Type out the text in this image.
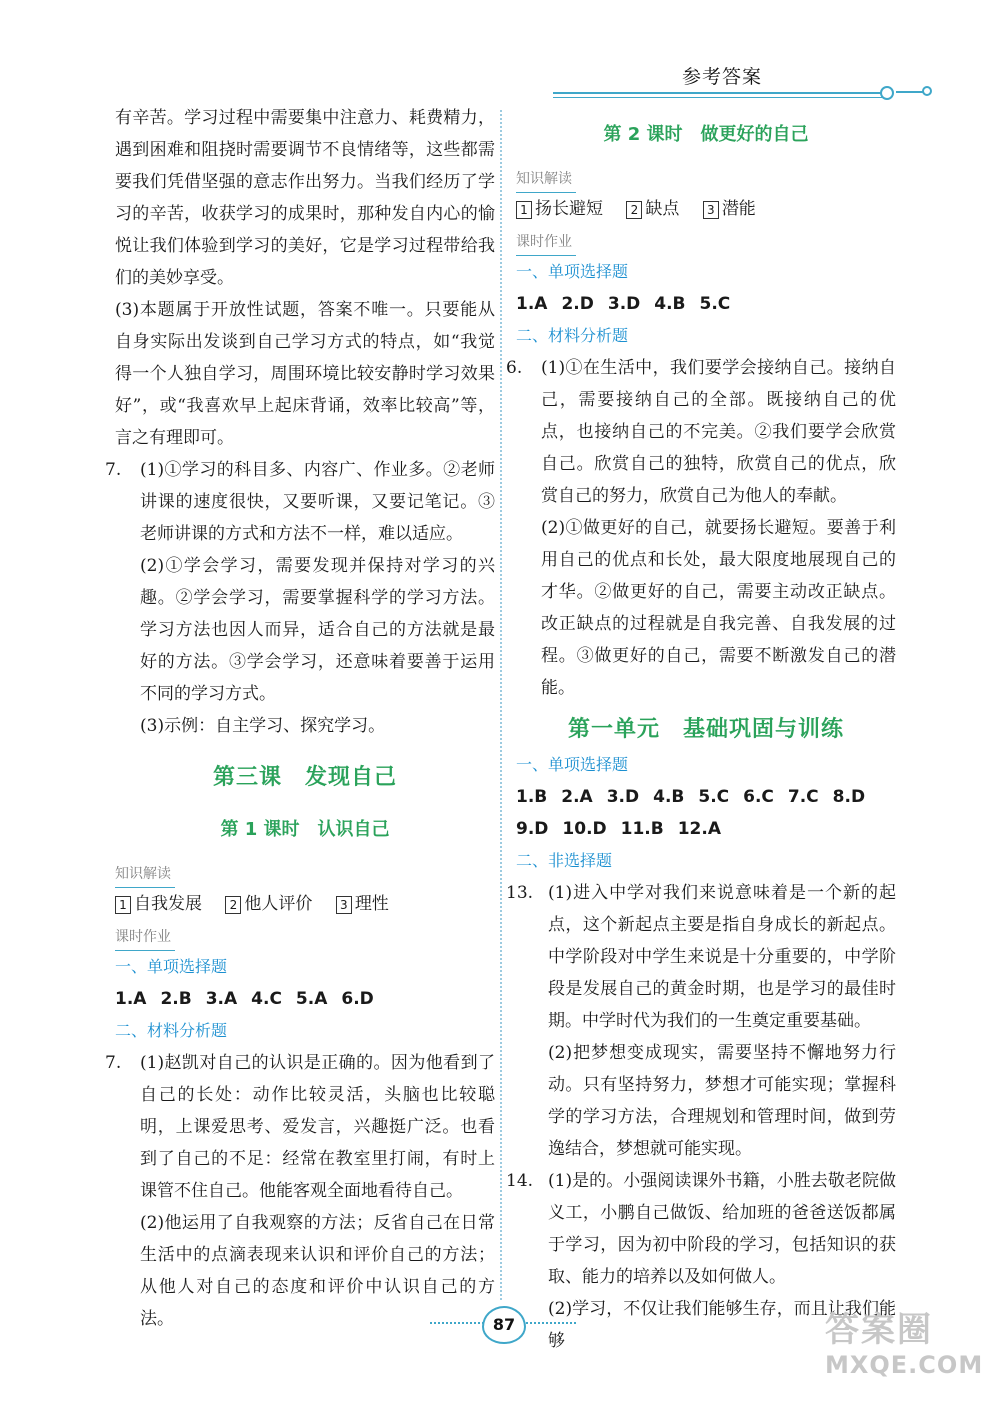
参考答案

有辛苦。学习过程中需要集中注意力、耗费精力，遇到困难和阻挠时需要调节不良情绪等，这些都需要我们凭借坚强的意志作出努力。当我们经历了学习的辛苦，收获学习的成果时，那种发自内心的愉悦让我们体验到学习的美好，它是学习过程带给我们的美妙享受。

(3)本题属于开放性试题，答案不唯一。只要能从自身实际出发谈到自己学习方式的特点，如“我觉得一个人独自学习，周围环境比较安静时学习效果好”，或“我喜欢早上起床背诵，效率比较高”等，言之有理即可。

7. (1)①学习的科目多、内容广、作业多。②老师讲课的速度很快，又要听课，又要记笔记。③老师讲课的方式和方法不一样，难以适应。

(2)①学会学习，需要发现并保持对学习的兴趣。②学会学习，需要掌握科学的学习方法。学习方法也因人而异，适合自己的方法就是最好的方法。③学会学习，还意味着要善于运用不同的学习方式。

(3)示例：自主学习、探究学习。

第三课　发现自己

第 1 课时　认识自己

知识解读

1 自我发展 2 他人评价 3 理性

课时作业

一、单项选择题

1.A 2.B 3.A 4.C 5.A 6.D

二、材料分析题

7. (1)赵凯对自己的认识是正确的。因为他看到了自己的长处：动作比较灵活，头脑也比较聪明，上课爱思考、爱发言，兴趣挺广泛。也看到了自己的不足：经常在教室里打闹，有时上课管不住自己。他能客观全面地看待自己。

(2)他运用了自我观察的方法；反省自己在日常生活中的点滴表现来认识和评价自己的方法；从他人对自己的态度和评价中认识自己的方法。

第 2 课时　做更好的自己

知识解读

1 扬长避短 2 缺点 3 潜能

课时作业

一、单项选择题

1.A 2.D 3.D 4.B 5.C

二、材料分析题

6. (1)①在生活中，我们要学会接纳自己。接纳自己，需要接纳自己的全部。既接纳自己的优点，也接纳自己的不完美。②我们要学会欣赏自己。欣赏自己的独特，欣赏自己的优点，欣赏自己的努力，欣赏自己为他人的奉献。

(2)①做更好的自己，就要扬长避短。要善于利用自己的优点和长处，最大限度地展现自己的才华。②做更好的自己，需要主动改正缺点。改正缺点的过程就是自我完善、自我发展的过程。③做更好的自己，需要不断激发自己的潜能。

第一单元　基础巩固与训练

一、单项选择题

1.B 2.A 3.D 4.B 5.C 6.C 7.C 8.D

9.D 10.D 11.B 12.A

二、非选择题

13. (1)进入中学对我们来说意味着是一个新的起点，这个新起点主要是指自身成长的新起点。中学阶段对中学生来说是十分重要的，中学阶段是发展自己的黄金时期，也是学习的最佳时期。中学时代为我们的一生奠定重要基础。

(2)把梦想变成现实，需要坚持不懈地努力行动。只有坚持努力，梦想才可能实现；掌握科学的学习方法，合理规划和管理时间，做到劳逸结合，梦想就可能实现。

14. (1)是的。小强阅读课外书籍，小胜去敬老院做义工，小鹏自己做饭、给加班的爸爸送饭都属于学习，因为初中阶段的学习，包括知识的获取、能力的培养以及如何做人。

(2)学习，不仅让我们能够生存，而且让我们能够

87	答案圈
MXQE.COM
